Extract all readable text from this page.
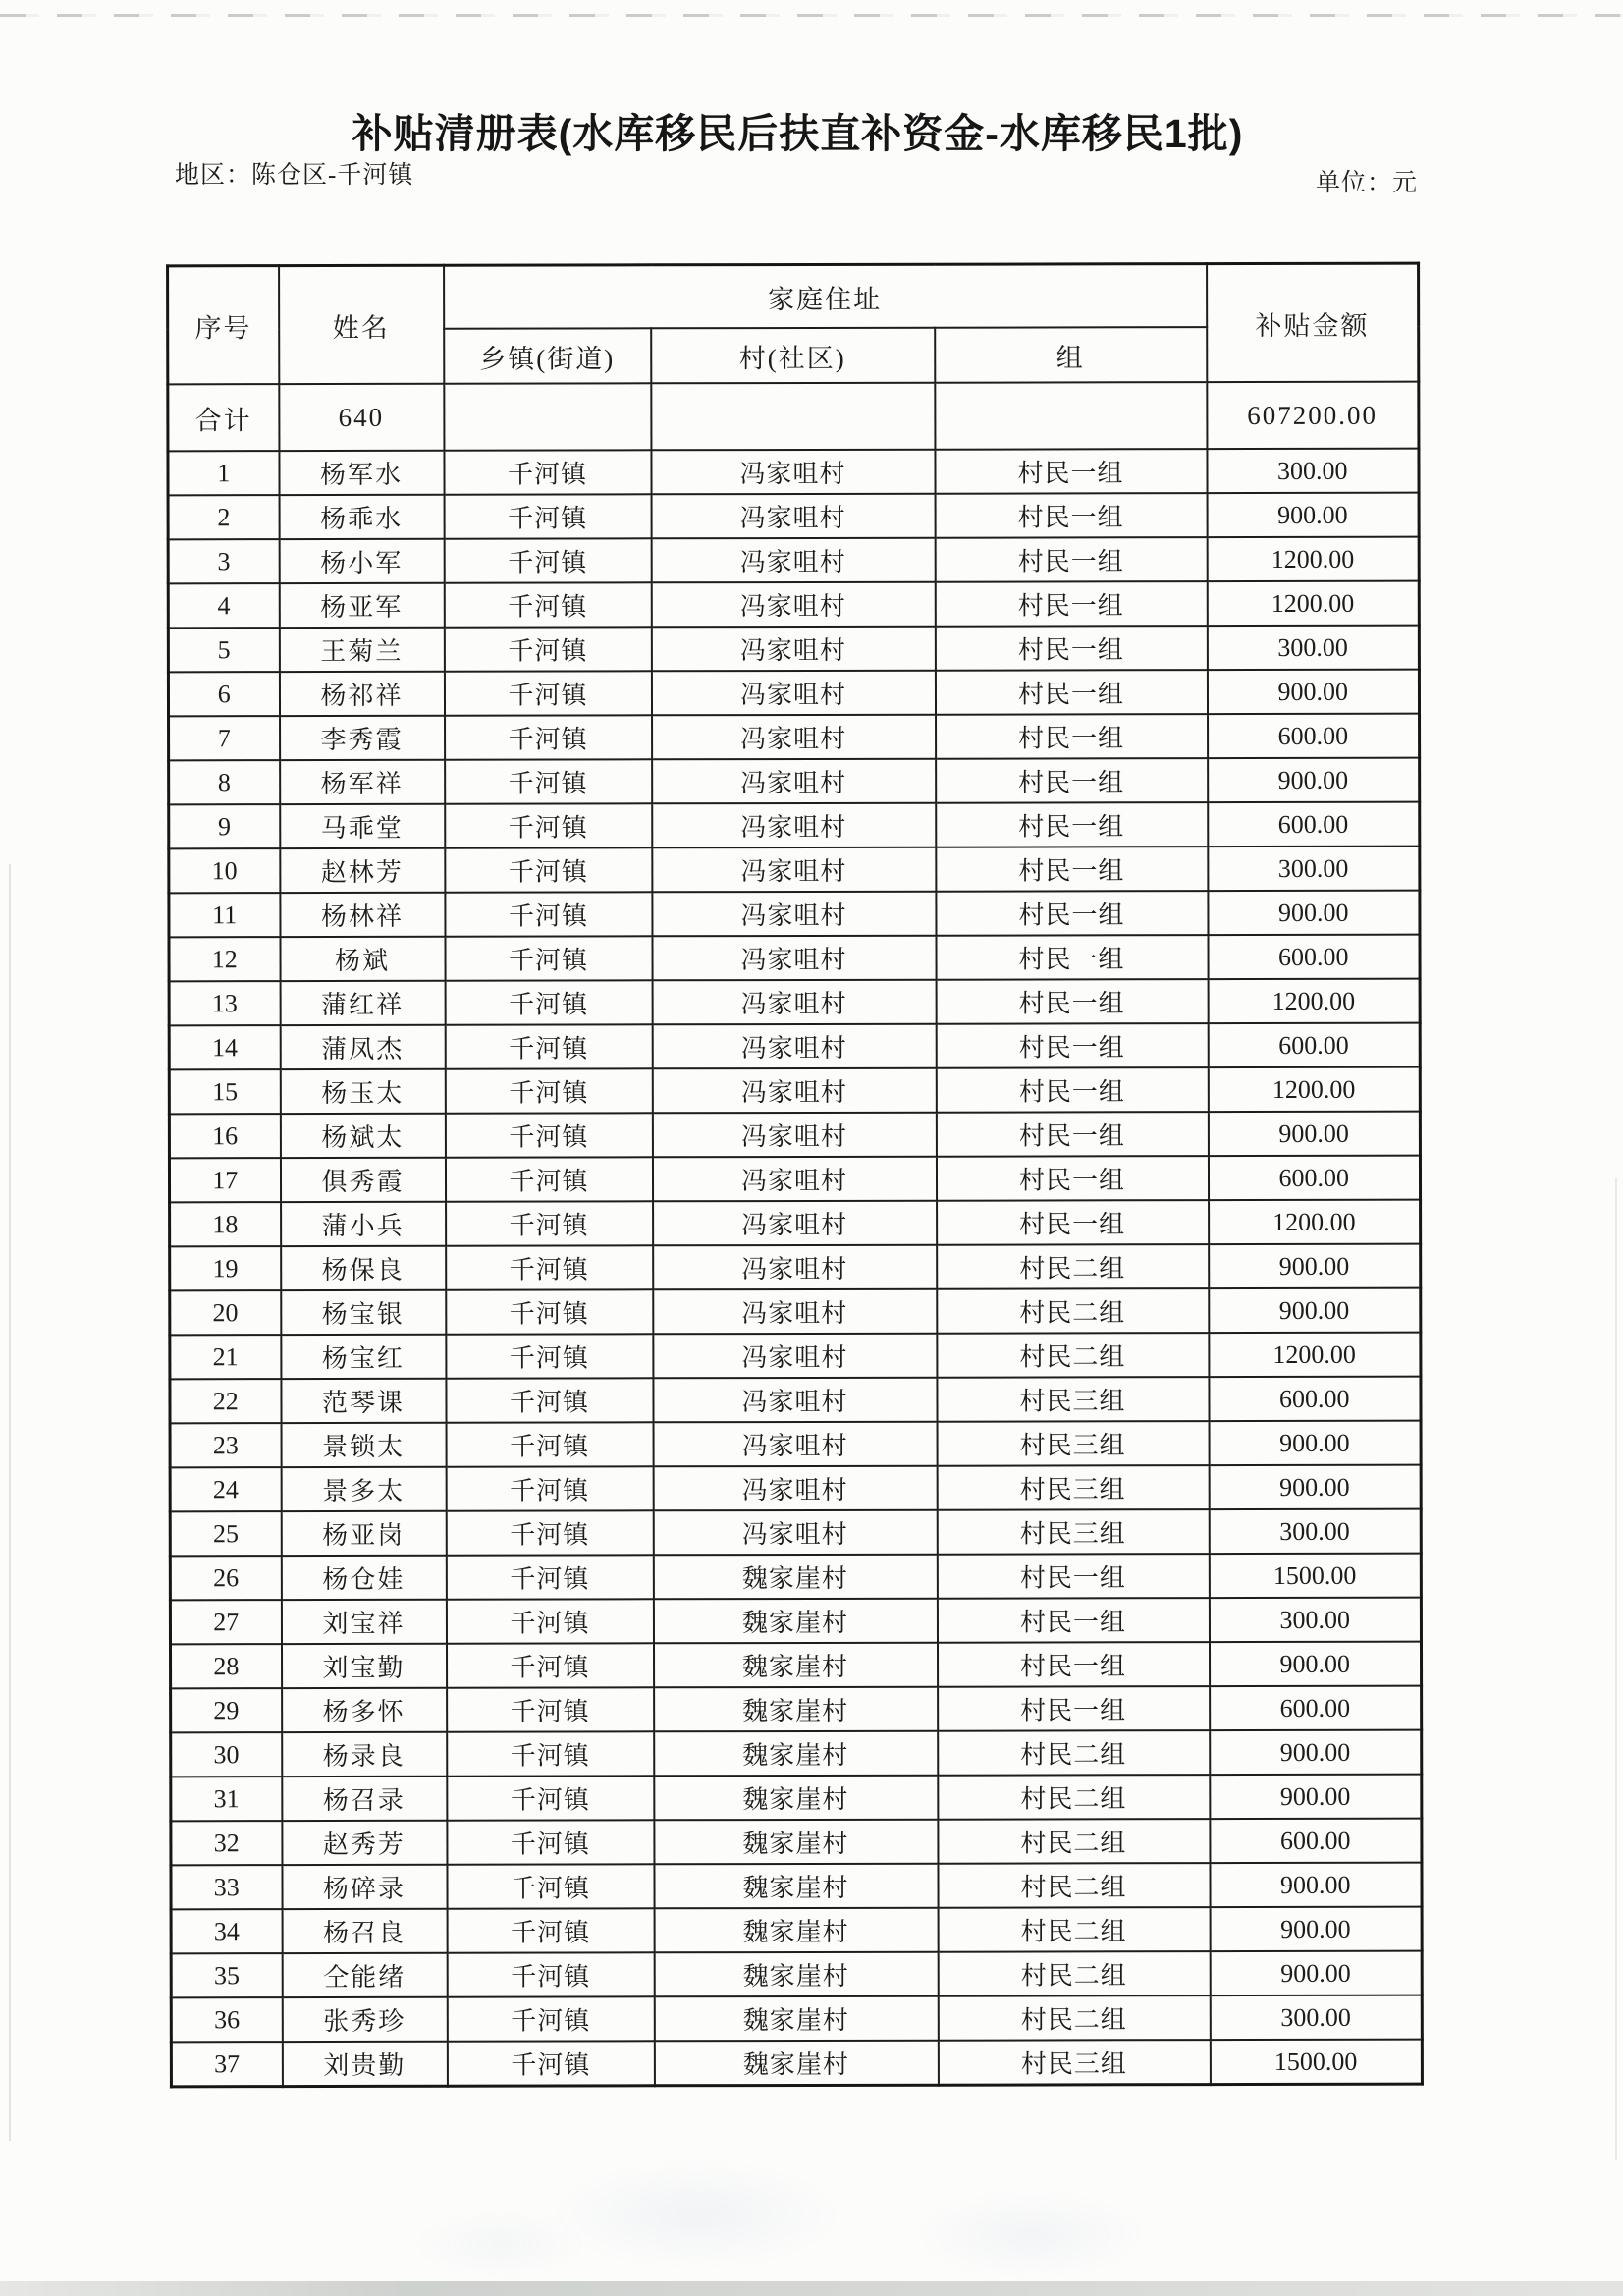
补贴清册表(水库移民后扶直补资金-水库移民1批)
地区：陈仓区-千河镇	单位：元
序号	姓名	家庭住址			补贴金额
		乡镇(街道)	村(社区)	组	
合计	640				607200.00
1	杨军水	千河镇	冯家咀村	村民一组	300.00
2	杨乖水	千河镇	冯家咀村	村民一组	900.00
3	杨小军	千河镇	冯家咀村	村民一组	1200.00
4	杨亚军	千河镇	冯家咀村	村民一组	1200.00
5	王菊兰	千河镇	冯家咀村	村民一组	300.00
6	杨祁祥	千河镇	冯家咀村	村民一组	900.00
7	李秀霞	千河镇	冯家咀村	村民一组	600.00
8	杨军祥	千河镇	冯家咀村	村民一组	900.00
9	马乖堂	千河镇	冯家咀村	村民一组	600.00
10	赵林芳	千河镇	冯家咀村	村民一组	300.00
11	杨林祥	千河镇	冯家咀村	村民一组	900.00
12	杨斌	千河镇	冯家咀村	村民一组	600.00
13	蒲红祥	千河镇	冯家咀村	村民一组	1200.00
14	蒲凤杰	千河镇	冯家咀村	村民一组	600.00
15	杨玉太	千河镇	冯家咀村	村民一组	1200.00
16	杨斌太	千河镇	冯家咀村	村民一组	900.00
17	俱秀霞	千河镇	冯家咀村	村民一组	600.00
18	蒲小兵	千河镇	冯家咀村	村民一组	1200.00
19	杨保良	千河镇	冯家咀村	村民二组	900.00
20	杨宝银	千河镇	冯家咀村	村民二组	900.00
21	杨宝红	千河镇	冯家咀村	村民二组	1200.00
22	范琴课	千河镇	冯家咀村	村民三组	600.00
23	景锁太	千河镇	冯家咀村	村民三组	900.00
24	景多太	千河镇	冯家咀村	村民三组	900.00
25	杨亚岗	千河镇	冯家咀村	村民三组	300.00
26	杨仓娃	千河镇	魏家崖村	村民一组	1500.00
27	刘宝祥	千河镇	魏家崖村	村民一组	300.00
28	刘宝勤	千河镇	魏家崖村	村民一组	900.00
29	杨多怀	千河镇	魏家崖村	村民一组	600.00
30	杨录良	千河镇	魏家崖村	村民二组	900.00
31	杨召录	千河镇	魏家崖村	村民二组	900.00
32	赵秀芳	千河镇	魏家崖村	村民二组	600.00
33	杨碎录	千河镇	魏家崖村	村民二组	900.00
34	杨召良	千河镇	魏家崖村	村民二组	900.00
35	仝能绪	千河镇	魏家崖村	村民二组	900.00
36	张秀珍	千河镇	魏家崖村	村民二组	300.00
37	刘贵勤	千河镇	魏家崖村	村民三组	1500.00
